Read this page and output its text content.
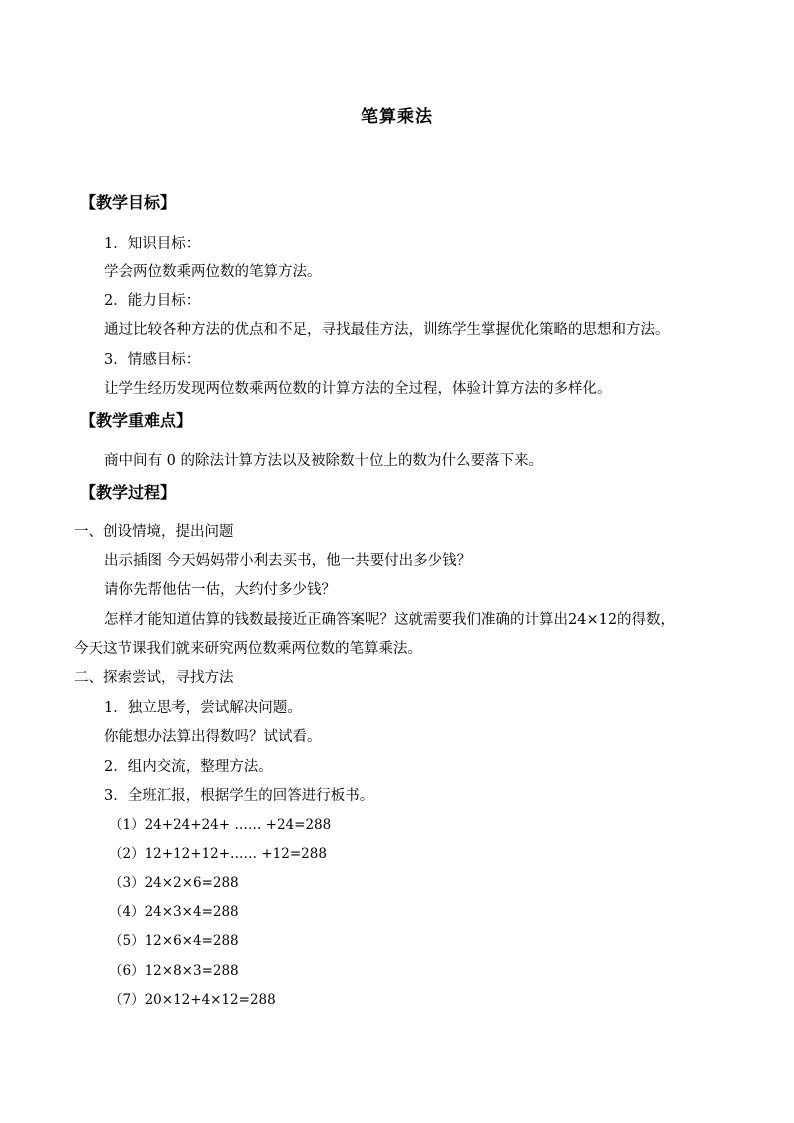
笔算乘法
【教学目标】
1．知识目标：
学会两位数乘两位数的笔算方法。
2．能力目标：
通过比较各种方法的优点和不足，寻找最佳方法，训练学生掌握优化策略的思想和方法。
3．情感目标：
让学生经历发现两位数乘两位数的计算方法的全过程，体验计算方法的多样化。
【教学重难点】
商中间有 0 的除法计算方法以及被除数十位上的数为什么要落下来。
【教学过程】
一、创设情境，提出问题
出示插图 今天妈妈带小利去买书，他一共要付出多少钱？
请你先帮他估一估，大约付多少钱？
怎样才能知道估算的钱数最接近正确答案呢？这就需要我们准确的计算出24×12的得数，
今天这节课我们就来研究两位数乘两位数的笔算乘法。
二、探索尝试，寻找方法
1．独立思考，尝试解决问题。
你能想办法算出得数吗？试试看。
2．组内交流，整理方法。
3．全班汇报，根据学生的回答进行板书。
（1）24+24+24+ …… +24=288
（2）12+12+12+…… +12=288
（3）24×2×6=288
（4）24×3×4=288
（5）12×6×4=288
（6）12×8×3=288
（7）20×12+4×12=288
